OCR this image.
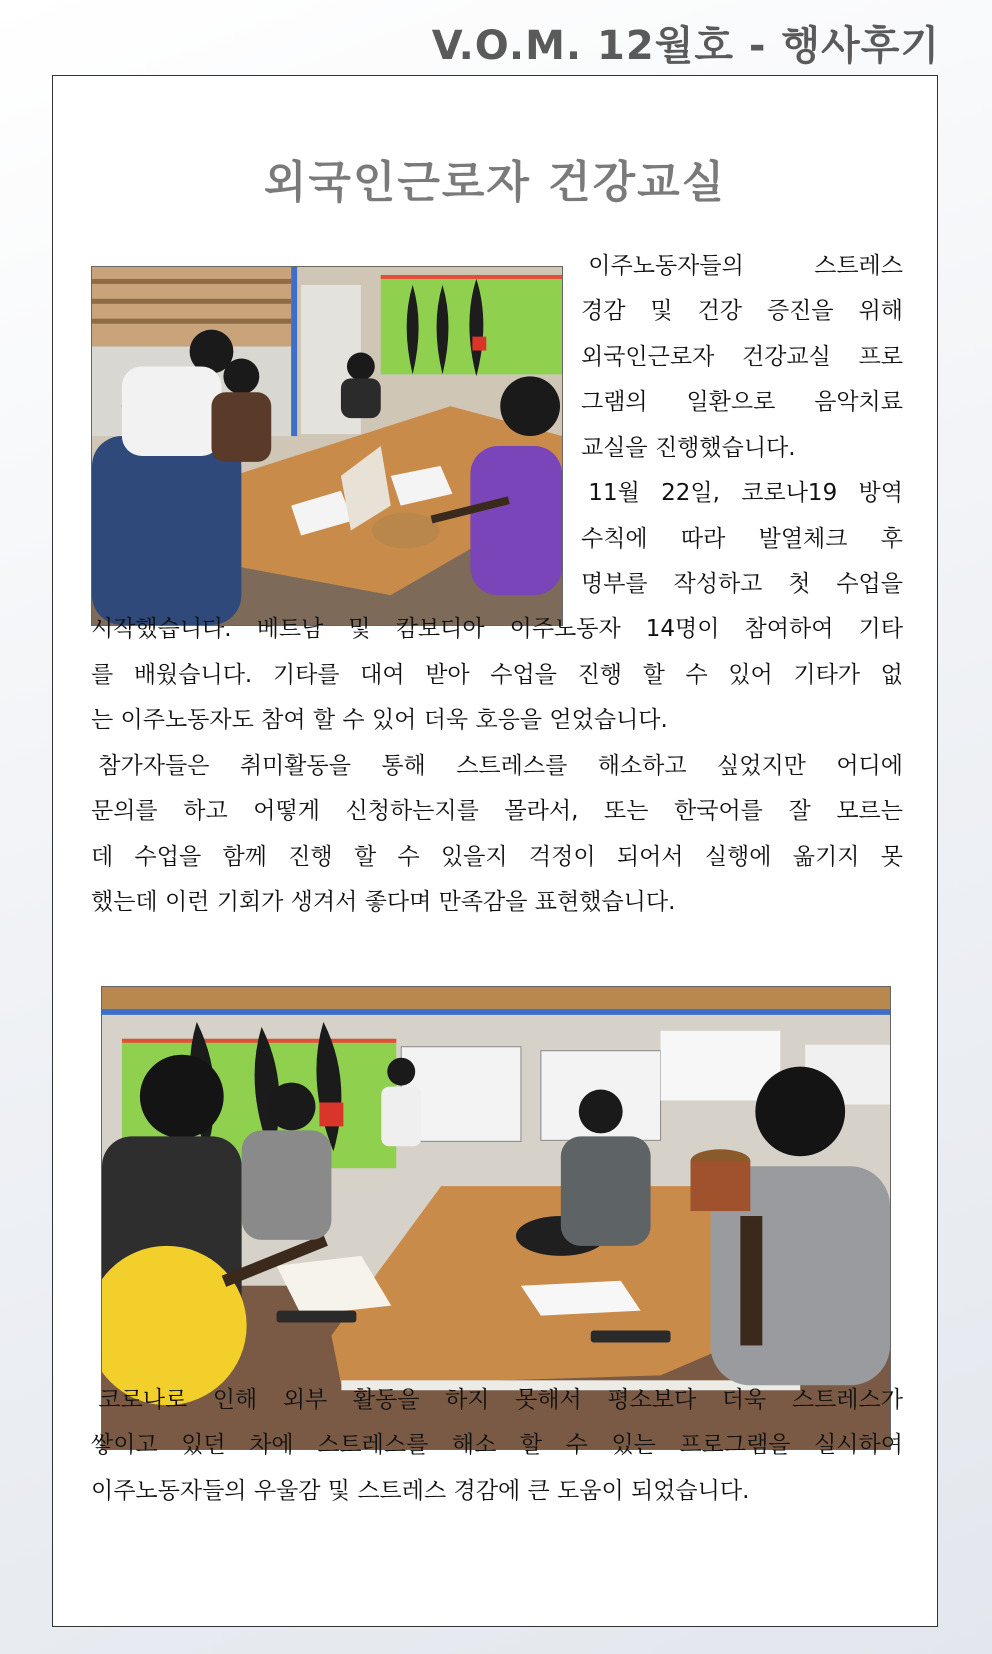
V.O.M. 12월호 - 행사후기
외국인근로자 건강교실
이주노동자들의	스트레스
경감 및 건강 증진을 위해
외국인근로자 건강교실 프로
그램의 일환으로 음악치료
교실을 진행했습니다.
11월 22일, 코로나19 방역
수칙에 따라 발열체크 후
명부를 작성하고 첫 수업을
시작했습니다. 베트남 및 캄보디아 이주노동자 14명이 참여하여 기타
를 배웠습니다. 기타를 대여 받아 수업을 진행 할 수 있어 기타가 없
는 이주노동자도 참여 할 수 있어 더욱 호응을 얻었습니다.
참가자들은 취미활동을 통해 스트레스를 해소하고 싶었지만 어디에
문의를 하고 어떻게 신청하는지를 몰라서, 또는 한국어를 잘 모르는
데 수업을 함께 진행 할 수 있을지 걱정이 되어서 실행에 옮기지 못
했는데 이런 기회가 생겨서 좋다며 만족감을 표현했습니다.
코로나로 인해 외부 활동을 하지 못해서 평소보다 더욱 스트레스가
쌓이고 있던 차에 스트레스를 해소 할 수 있는 프로그램을 실시하여
이주노동자들의 우울감 및 스트레스 경감에 큰 도움이 되었습니다.
